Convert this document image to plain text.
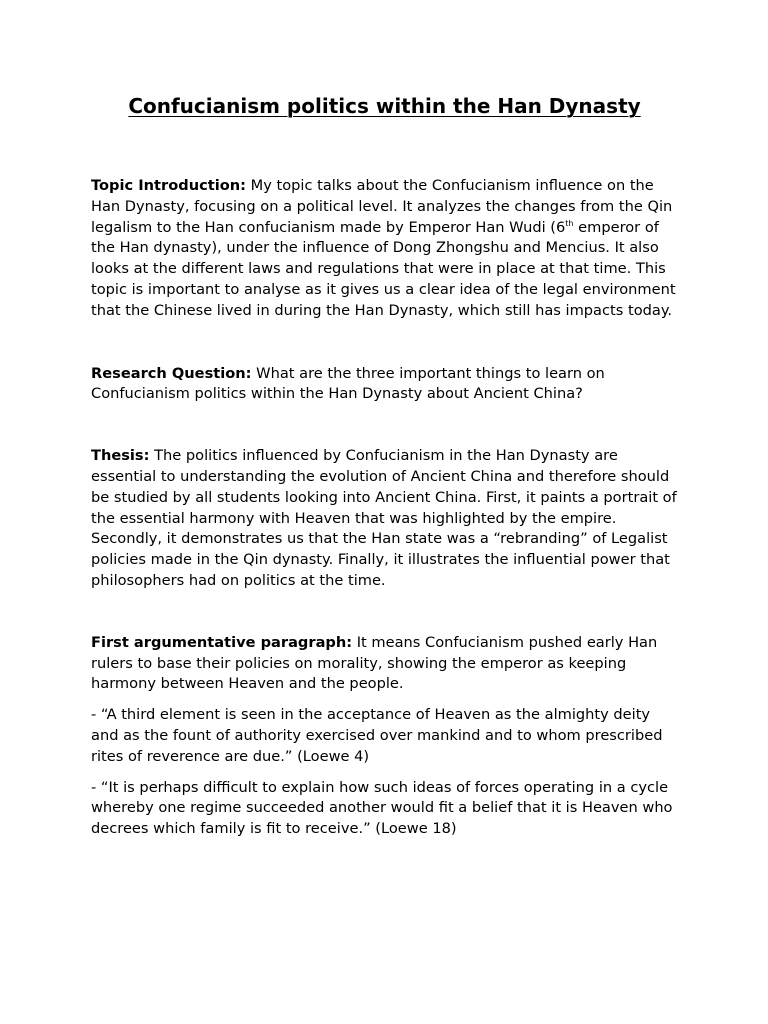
Confucianism politics within the Han Dynasty

Topic Introduction: My topic talks about the Confucianism influence on the Han Dynasty, focusing on a political level. It analyzes the changes from the Qin legalism to the Han confucianism made by Emperor Han Wudi (6th emperor of the Han dynasty), under the influence of Dong Zhongshu and Mencius. It also looks at the different laws and regulations that were in place at that time. This topic is important to analyse as it gives us a clear idea of the legal environment that the Chinese lived in during the Han Dynasty, which still has impacts today.

Research Question: What are the three important things to learn on Confucianism politics within the Han Dynasty about Ancient China?

Thesis: The politics influenced by Confucianism in the Han Dynasty are essential to understanding the evolution of Ancient China and therefore should be studied by all students looking into Ancient China. First, it paints a portrait of the essential harmony with Heaven that was highlighted by the empire. Secondly, it demonstrates us that the Han state was a “rebranding” of Legalist policies made in the Qin dynasty. Finally, it illustrates the influential power that philosophers had on politics at the time.

First argumentative paragraph: It means Confucianism pushed early Han rulers to base their policies on morality, showing the emperor as keeping harmony between Heaven and the people.

- “A third element is seen in the acceptance of Heaven as the almighty deity and as the fount of authority exercised over mankind and to whom prescribed rites of reverence are due.” (Loewe 4)

- “It is perhaps difficult to explain how such ideas of forces operating in a cycle whereby one regime succeeded another would fit a belief that it is Heaven who decrees which family is fit to receive.” (Loewe 18)
